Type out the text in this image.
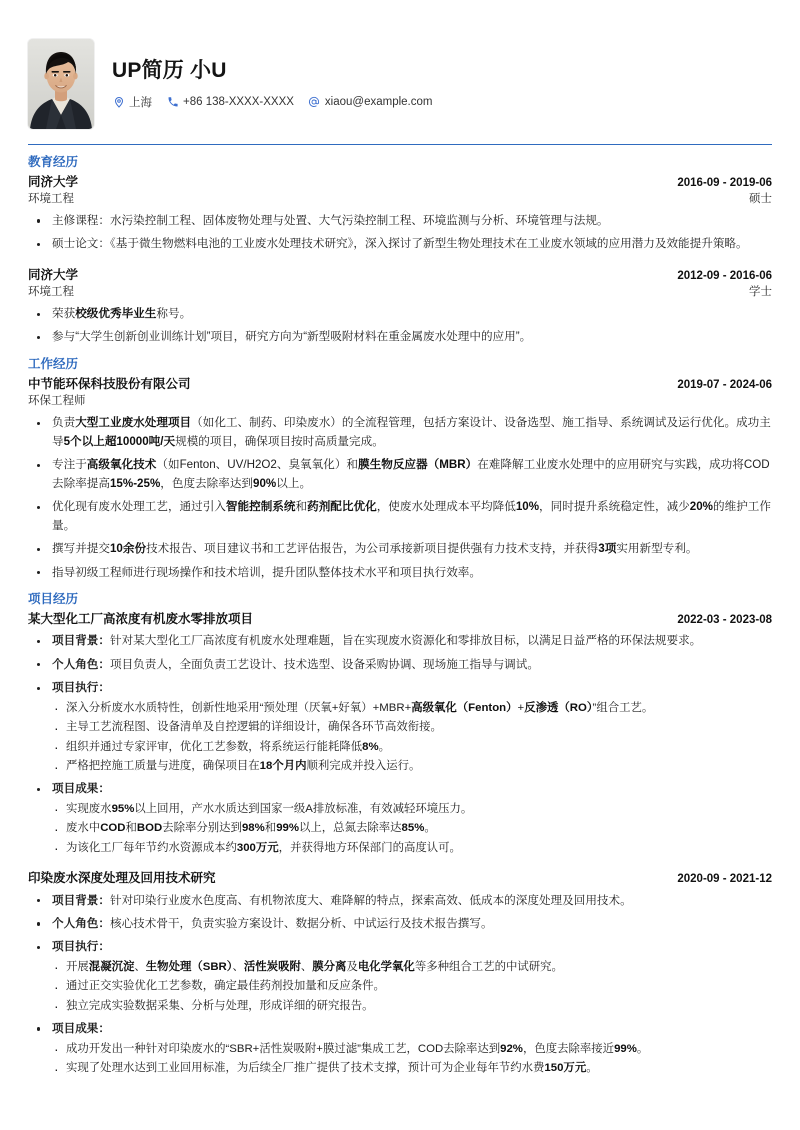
UP简历 小U
上海	+86 138-XXXX-XXXX	xiaou@example.com
教育经历
同济大学	2016-09 - 2019-06
环境工程	硕士
主修课程：水污染控制工程、固体废物处理与处置、大气污染控制工程、环境监测与分析、环境管理与法规。
硕士论文：《基于微生物燃料电池的工业废水处理技术研究》，深入探讨了新型生物处理技术在工业废水领域的应用潜力及效能提升策略。
同济大学	2012-09 - 2016-06
环境工程	学士
荣获校级优秀毕业生称号。
参与“大学生创新创业训练计划”项目，研究方向为“新型吸附材料在重金属废水处理中的应用”。
工作经历
中节能环保科技股份有限公司	2019-07 - 2024-06
环保工程师
负责大型工业废水处理项目（如化工、制药、印染废水）的全流程管理，包括方案设计、设备选型、施工指导、系统调试及运行优化。成功主导5个以上超10000吨/天规模的项目，确保项目按时高质量完成。
专注于高级氧化技术（如Fenton、UV/H2O2、臭氧氧化）和膜生物反应器（MBR）在难降解工业废水处理中的应用研究与实践，成功将COD去除率提高15%-25%，色度去除率达到90%以上。
优化现有废水处理工艺，通过引入智能控制系统和药剂配比优化，使废水处理成本平均降低10%，同时提升系统稳定性，减少20%的维护工作量。
撰写并提交10余份技术报告、项目建议书和工艺评估报告，为公司承接新项目提供强有力技术支持，并获得3项实用新型专利。
指导初级工程师进行现场操作和技术培训，提升团队整体技术水平和项目执行效率。
项目经历
某大型化工厂高浓度有机废水零排放项目	2022-03 - 2023-08
项目背景：针对某大型化工厂高浓度有机废水处理难题，旨在实现废水资源化和零排放目标，以满足日益严格的环保法规要求。
个人角色：项目负责人，全面负责工艺设计、技术选型、设备采购协调、现场施工指导与调试。
项目执行：
· 深入分析废水水质特性，创新性地采用“预处理（厌氧+好氧）+MBR+高级氧化（Fenton）+反渗透（RO）”组合工艺。
· 主导工艺流程图、设备清单及自控逻辑的详细设计，确保各环节高效衔接。
· 组织并通过专家评审，优化工艺参数，将系统运行能耗降低8%。
· 严格把控施工质量与进度，确保项目在18个月内顺利完成并投入运行。
项目成果：
· 实现废水95%以上回用，产水水质达到国家一级A排放标准，有效减轻环境压力。
· 废水中COD和BOD去除率分别达到98%和99%以上，总氮去除率达85%。
· 为该化工厂每年节约水资源成本约300万元，并获得地方环保部门的高度认可。
印染废水深度处理及回用技术研究	2020-09 - 2021-12
项目背景：针对印染行业废水色度高、有机物浓度大、难降解的特点，探索高效、低成本的深度处理及回用技术。
个人角色：核心技术骨干，负责实验方案设计、数据分析、中试运行及技术报告撰写。
项目执行：
· 开展混凝沉淀、生物处理（SBR）、活性炭吸附、膜分离及电化学氧化等多种组合工艺的中试研究。
· 通过正交实验优化工艺参数，确定最佳药剂投加量和反应条件。
· 独立完成实验数据采集、分析与处理，形成详细的研究报告。
项目成果：
· 成功开发出一种针对印染废水的“SBR+活性炭吸附+膜过滤”集成工艺，COD去除率达到92%，色度去除率接近99%。
· 实现了处理水达到工业回用标准，为后续全厂推广提供了技术支撑，预计可为企业每年节约水费150万元。
